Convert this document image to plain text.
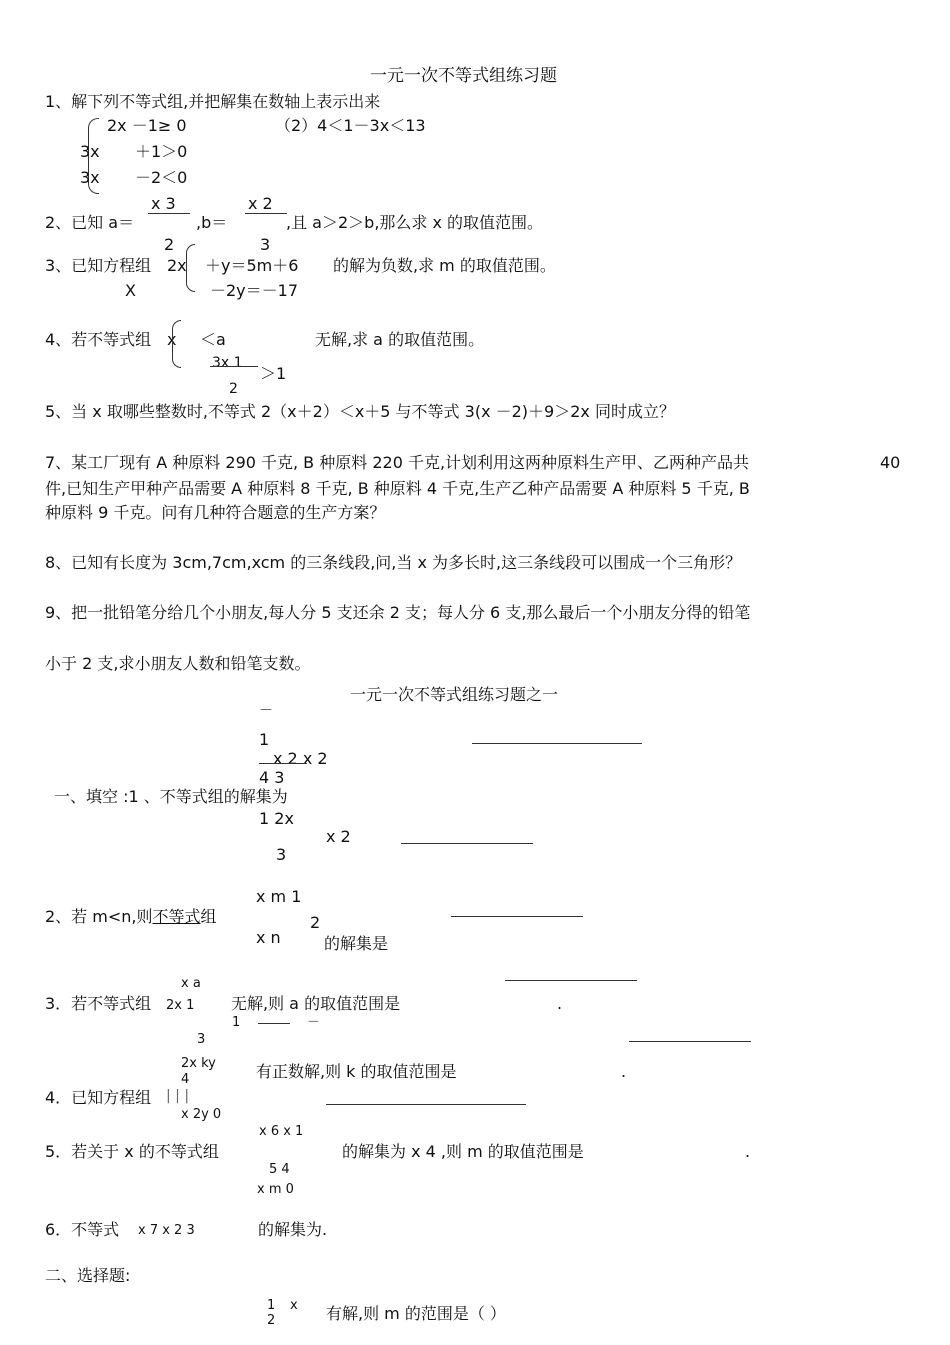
一元一次不等式组练习题
1、解下列不等式组,并把解集在数轴上表示出来
2x －1≥ 0
3x ＋1＞0
3x －2＜0
（2）4＜1－3x＜13
x 3
2、已知 a＝	,b＝
x 2
,且 a＞2＞b,那么求 x 的取值范围。
2	3
3、已知方程组 2x ＋y＝5m＋6 的解为负数,求 m 的取值范围。
X	－2y＝－17
4、若不等式组 x ＜a	无解,求 a 的取值范围。
3x 1
＞1
2
5、当 x 取哪些整数时,不等式 2（x＋2）＜x＋5 与不等式 3(x －2)＋9＞2x 同时成立？
7、某工厂现有 A 种原料 290 千克, B 种原料 220 千克,计划利用这两种原料生产甲、乙两种产品共	40
件,已知生产甲种产品需要 A 种原料 8 千克, B 种原料 4 千克,生产乙种产品需要 A 种原料 5 千克, B
种原料 9 千克。问有几种符合题意的生产方案？
8、已知有长度为 3cm,7cm,xcm 的三条线段,问,当 x 为多长时,这三条线段可以围成一个三角形？
9、把一批铅笔分给几个小朋友,每人分 5 支还余 2 支；每人分 6 支,那么最后一个小朋友分得的铅笔
小于 2 支,求小朋友人数和铅笔支数。
一元一次不等式组练习题之一
－
1
x 2 x 2
4 3
一、填空 :1 、不等式组的解集为
1 2x
x 2
3
x m 1
2、若 m<n,则不等式组	2
x n	的解集是
x a
3．若不等式组 2x 1 无解,则 a 的取值范围是	.
1	－
3
2x ky	有正数解,则 k 的取值范围是	.
4
4．已知方程组 | | |
x 2y 0
x 6 x 1
5．若关于 x 的不等式组	的解集为 x 4 ,则 m 的取值范围是	.
5 4
x m 0
6．不等式 x 7 x 2 3	的解集为.
二、选择题:
1 x 有解,则 m 的范围是（ ）
2
